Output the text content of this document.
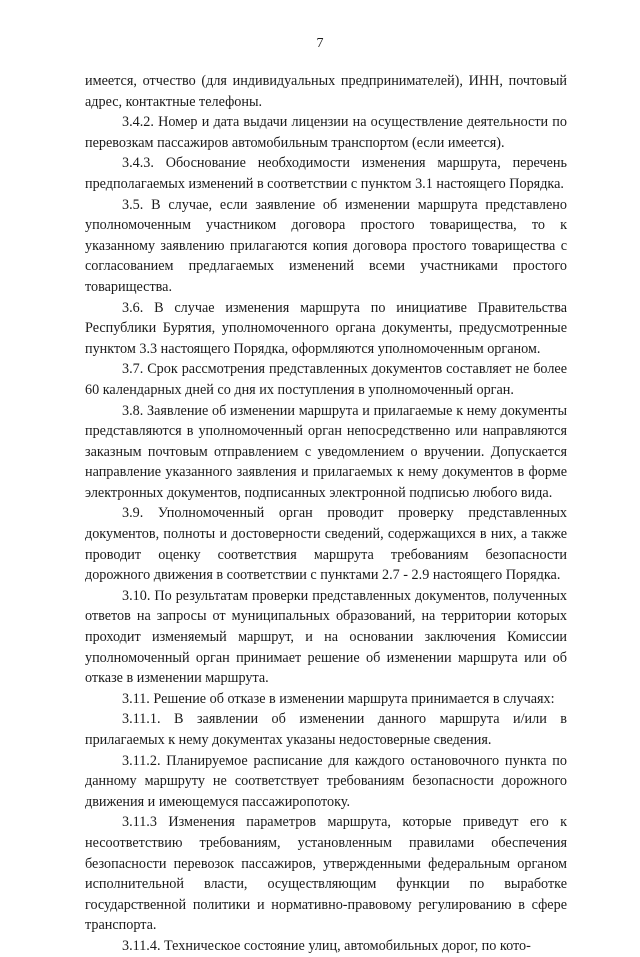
7

имеется, отчество (для индивидуальных предпринимателей), ИНН, почтовый адрес, контактные телефоны.

3.4.2. Номер и дата выдачи лицензии на осуществление деятельности по перевозкам пассажиров автомобильным транспортом (если имеется).

3.4.3. Обоснование необходимости изменения маршрута, перечень предполагаемых изменений в соответствии с пунктом 3.1 настоящего Порядка.

3.5. В случае, если заявление об изменении маршрута представлено уполномоченным участником договора простого товарищества, то к указанному заявлению прилагаются копия договора простого товарищества с согласованием предлагаемых изменений всеми участниками простого товарищества.

3.6. В случае изменения маршрута по инициативе Правительства Республики Бурятия, уполномоченного органа документы, предусмотренные пунктом 3.3 настоящего Порядка, оформляются уполномоченным органом.

3.7. Срок рассмотрения представленных документов составляет не более 60 календарных дней со дня их поступления в уполномоченный орган.

3.8. Заявление об изменении маршрута и прилагаемые к нему документы представляются в уполномоченный орган непосредственно или направляются заказным почтовым отправлением с уведомлением о вручении. Допускается направление указанного заявления и прилагаемых к нему документов в форме электронных документов, подписанных электронной подписью любого вида.

3.9. Уполномоченный орган проводит проверку представленных документов, полноты и достоверности сведений, содержащихся в них, а также проводит оценку соответствия маршрута требованиям безопасности дорожного движения в соответствии с пунктами 2.7 - 2.9 настоящего Порядка.

3.10. По результатам проверки представленных документов, полученных ответов на запросы от муниципальных образований, на территории которых проходит изменяемый маршрут, и на основании заключения Комиссии уполномоченный орган принимает решение об изменении маршрута или об отказе в изменении маршрута.

3.11. Решение об отказе в изменении маршрута принимается в случаях:

3.11.1. В заявлении об изменении данного маршрута и/или в прилагаемых к нему документах указаны недостоверные сведения.

3.11.2. Планируемое расписание для каждого остановочного пункта по данному маршруту не соответствует требованиям безопасности дорожного движения и имеющемуся пассажиропотоку.

3.11.3 Изменения параметров маршрута, которые приведут его к несоответствию требованиям, установленным правилами обеспечения безопасности перевозок пассажиров, утвержденными федеральным органом исполнительной власти, осуществляющим функции по выработке государственной политики и нормативно-правовому регулированию в сфере транспорта.

3.11.4. Техническое состояние улиц, автомобильных дорог, по кото-
